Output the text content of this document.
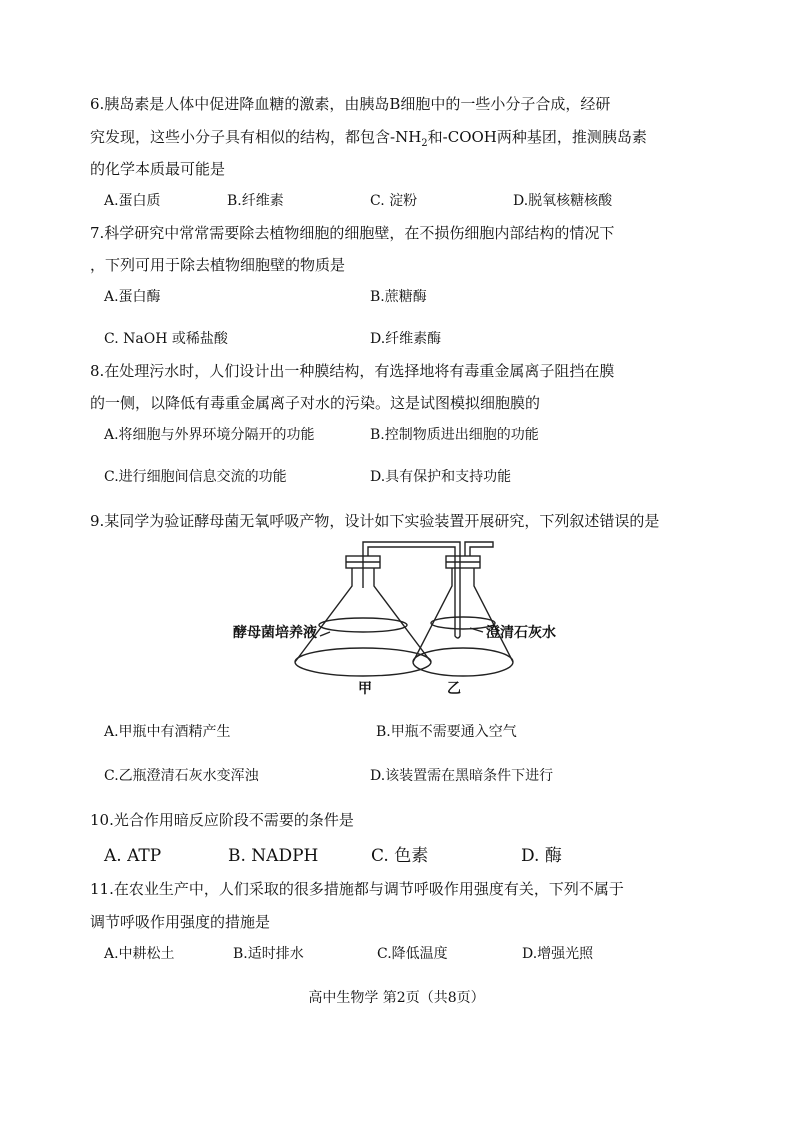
6.胰岛素是人体中促进降血糖的激素，由胰岛B细胞中的一些小分子合成，经研
究发现，这些小分子具有相似的结构，都包含$-NH_2$和-COOH两种基团，推测胰岛素
的化学本质最可能是
A.蛋白质	B.纤维素	C. 淀粉	D.脱氧核糖核酸
7.科学研究中常常需要除去植物细胞的细胞壁，在不损伤细胞内部结构的情况下
，下列可用于除去植物细胞壁的物质是
A.蛋白酶	B.蔗糖酶
C. NaOH 或稀盐酸	D.纤维素酶
8.在处理污水时，人们设计出一种膜结构，有选择地将有毒重金属离子阻挡在膜
的一侧，以降低有毒重金属离子对水的污染。这是试图模拟细胞膜的
A.将细胞与外界环境分隔开的功能	B.控制物质进出细胞的功能
C.进行细胞间信息交流的功能	D.具有保护和支持功能
9.某同学为验证酵母菌无氧呼吸产物，设计如下实验装置开展研究，下列叙述错误的是
酵母菌培养液	澄清石灰水
甲	乙
A.甲瓶中有酒精产生	B.甲瓶不需要通入空气
C.乙瓶澄清石灰水变浑浊	D.该装置需在黑暗条件下进行
10.光合作用暗反应阶段不需要的条件是
A. ATP	B. NADPH	C. 色素	D. 酶
11.在农业生产中，人们采取的很多措施都与调节呼吸作用强度有关，下列不属于
调节呼吸作用强度的措施是
A.中耕松土	B.适时排水	C.降低温度	D.增强光照
高中生物学 第2页（共8页）
